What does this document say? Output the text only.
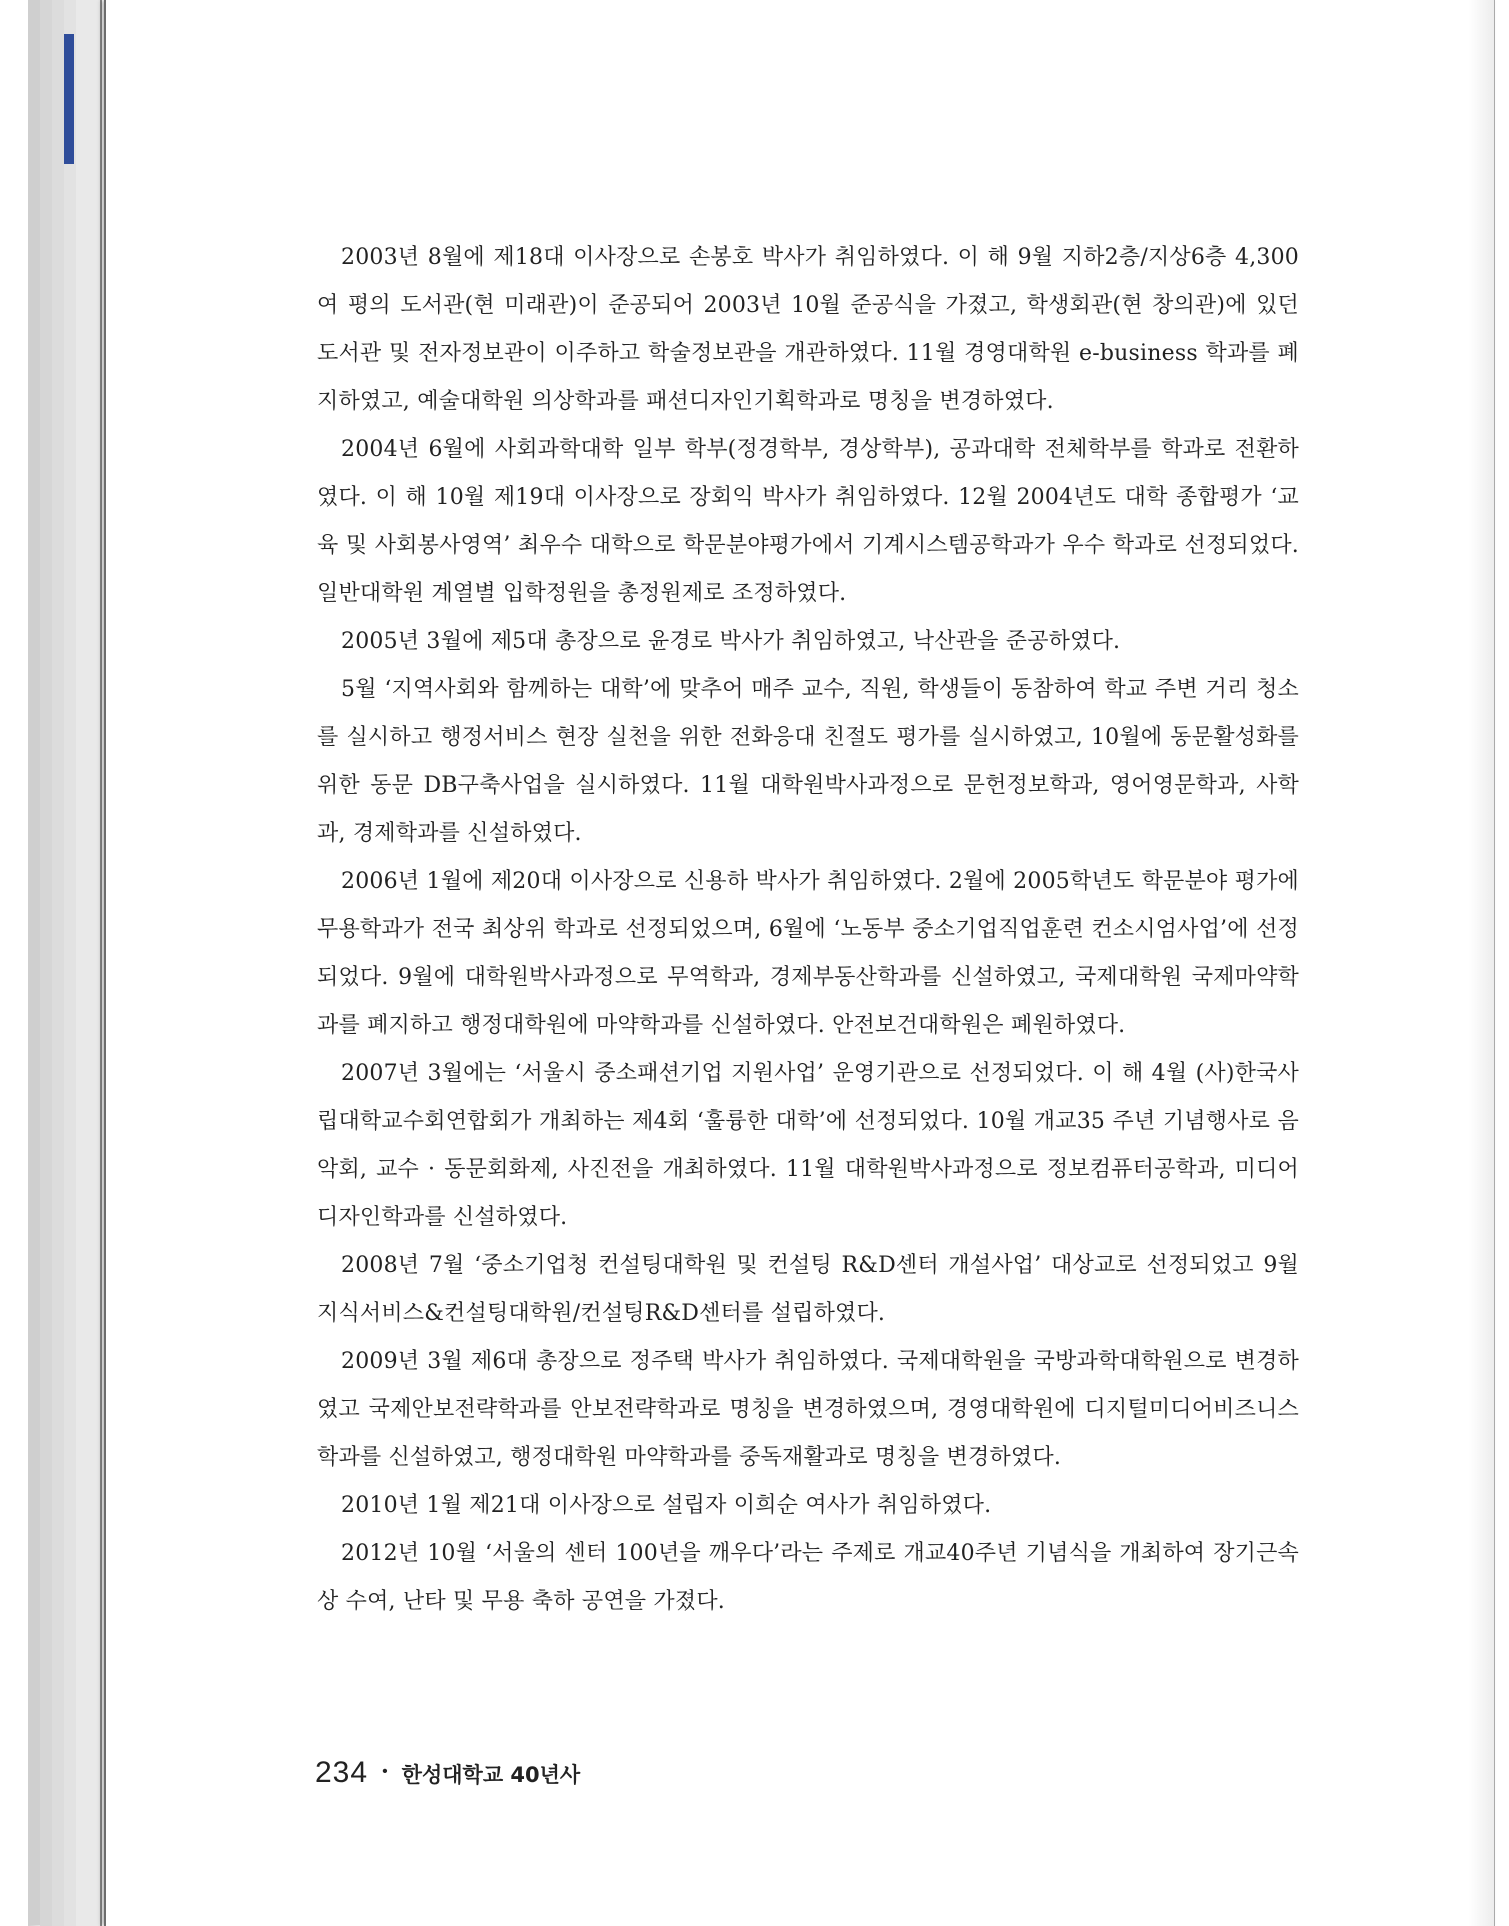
2003년 8월에 제18대 이사장으로 손봉호 박사가 취임하였다. 이 해 9월 지하2층/지상6층 4,300여 평의 도서관(현 미래관)이 준공되어 2003년 10월 준공식을 가졌고, 학생회관(현 창의관)에 있던 도서관 및 전자정보관이 이주하고 학술정보관을 개관하였다. 11월 경영대학원 e-business 학과를 폐지하였고, 예술대학원 의상학과를 패션디자인기획학과로 명칭을 변경하였다.

2004년 6월에 사회과학대학 일부 학부(정경학부, 경상학부), 공과대학 전체학부를 학과로 전환하였다. 이 해 10월 제19대 이사장으로 장회익 박사가 취임하였다. 12월 2004년도 대학 종합평가 ‘교육 및 사회봉사영역’ 최우수 대학으로 학문분야평가에서 기계시스템공학과가 우수 학과로 선정되었다. 일반대학원 계열별 입학정원을 총정원제로 조정하였다.

2005년 3월에 제5대 총장으로 윤경로 박사가 취임하였고, 낙산관을 준공하였다.

5월 ‘지역사회와 함께하는 대학’에 맞추어 매주 교수, 직원, 학생들이 동참하여 학교 주변 거리 청소를 실시하고 행정서비스 현장 실천을 위한 전화응대 친절도 평가를 실시하였고, 10월에 동문활성화를 위한 동문 DB구축사업을 실시하였다. 11월 대학원박사과정으로 문헌정보학과, 영어영문학과, 사학과, 경제학과를 신설하였다.

2006년 1월에 제20대 이사장으로 신용하 박사가 취임하였다. 2월에 2005학년도 학문분야 평가에 무용학과가 전국 최상위 학과로 선정되었으며, 6월에 ‘노동부 중소기업직업훈련 컨소시엄사업’에 선정되었다. 9월에 대학원박사과정으로 무역학과, 경제부동산학과를 신설하였고, 국제대학원 국제마약학과를 폐지하고 행정대학원에 마약학과를 신설하였다. 안전보건대학원은 폐원하였다.

2007년 3월에는 ‘서울시 중소패션기업 지원사업’ 운영기관으로 선정되었다. 이 해 4월 (사)한국사립대학교수회연합회가 개최하는 제4회 ‘훌륭한 대학’에 선정되었다. 10월 개교35 주년 기념행사로 음악회, 교수 · 동문회화제, 사진전을 개최하였다. 11월 대학원박사과정으로 정보컴퓨터공학과, 미디어디자인학과를 신설하였다.

2008년 7월 ‘중소기업청 컨설팅대학원 및 컨설팅 R&D센터 개설사업’ 대상교로 선정되었고 9월 지식서비스&컨설팅대학원/컨설팅R&D센터를 설립하였다.

2009년 3월 제6대 총장으로 정주택 박사가 취임하였다. 국제대학원을 국방과학대학원으로 변경하였고 국제안보전략학과를 안보전략학과로 명칭을 변경하였으며, 경영대학원에 디지털미디어비즈니스학과를 신설하였고, 행정대학원 마약학과를 중독재활과로 명칭을 변경하였다.

2010년 1월 제21대 이사장으로 설립자 이희순 여사가 취임하였다.

2012년 10월 ‘서울의 센터 100년을 깨우다’라는 주제로 개교40주년 기념식을 개최하여 장기근속상 수여, 난타 및 무용 축하 공연을 가졌다.

234 • 한성대학교 40년사
